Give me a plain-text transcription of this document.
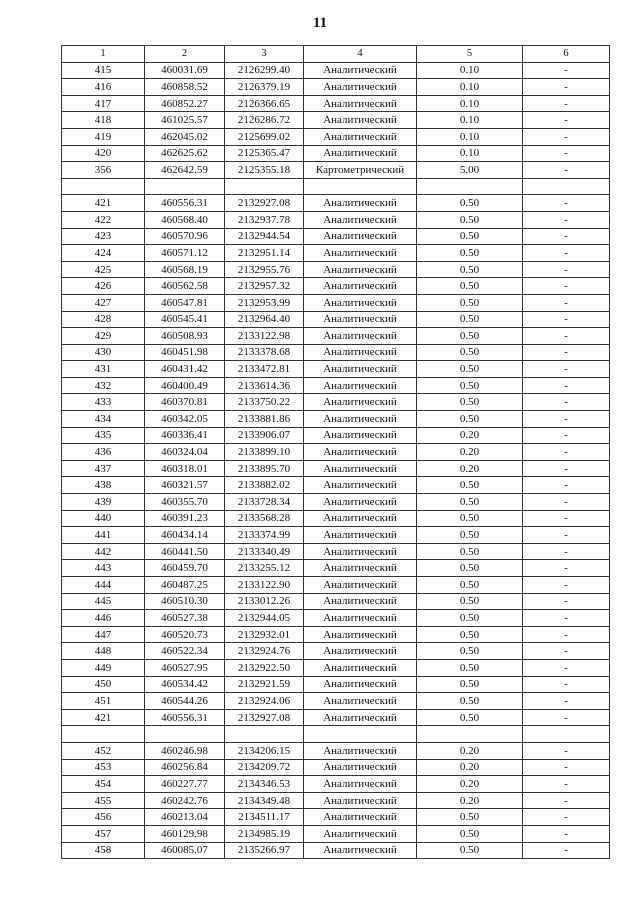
11
1	2	3	4	5	6
415	460031.69	2126299.40	Аналитический	0.10	-
416	460858.52	2126379.19	Аналитический	0.10	-
417	460852.27	2126366.65	Аналитический	0.10	-
418	461025.57	2126286.72	Аналитический	0.10	-
419	462045.02	2125699.02	Аналитический	0.10	-
420	462625.62	2125365.47	Аналитический	0.10	-
356	462642.59	2125355.18	Картометрический	5.00	-

421	460556.31	2132927.08	Аналитический	0.50	-
422	460568.40	2132937.78	Аналитический	0.50	-
423	460570.96	2132944.54	Аналитический	0.50	-
424	460571.12	2132951.14	Аналитический	0.50	-
425	460568.19	2132955.76	Аналитический	0.50	-
426	460562.58	2132957.32	Аналитический	0.50	-
427	460547.81	2132953.99	Аналитический	0.50	-
428	460545.41	2132964.40	Аналитический	0.50	-
429	460508.93	2133122.98	Аналитический	0.50	-
430	460451.98	2133378.68	Аналитический	0.50	-
431	460431.42	2133472.81	Аналитический	0.50	-
432	460400.49	2133614.36	Аналитический	0.50	-
433	460370.81	2133750.22	Аналитический	0.50	-
434	460342.05	2133881.86	Аналитический	0.50	-
435	460336.41	2133906.07	Аналитический	0.20	-
436	460324.04	2133899.10	Аналитический	0.20	-
437	460318.01	2133895.70	Аналитический	0.20	-
438	460321.57	2133882.02	Аналитический	0.50	-
439	460355.70	2133728.34	Аналитический	0.50	-
440	460391.23	2133568.28	Аналитический	0.50	-
441	460434.14	2133374.99	Аналитический	0.50	-
442	460441.50	2133340.49	Аналитический	0.50	-
443	460459.70	2133255.12	Аналитический	0.50	-
444	460487.25	2133122.90	Аналитический	0.50	-
445	460510.30	2133012.26	Аналитический	0.50	-
446	460527.38	2132944.05	Аналитический	0.50	-
447	460520.73	2132932.01	Аналитический	0.50	-
448	460522.34	2132924.76	Аналитический	0.50	-
449	460527.95	2132922.50	Аналитический	0.50	-
450	460534.42	2132921.59	Аналитический	0.50	-
451	460544.26	2132924.06	Аналитический	0.50	-
421	460556.31	2132927.08	Аналитический	0.50	-

452	460246.98	2134206.15	Аналитический	0.20	-
453	460256.84	2134209.72	Аналитический	0.20	-
454	460227.77	2134346.53	Аналитический	0.20	-
455	460242.76	2134349.48	Аналитический	0.20	-
456	460213.04	2134511.17	Аналитический	0.50	-
457	460129.98	2134985.19	Аналитический	0.50	-
458	460085.07	2135266.97	Аналитический	0.50	-
